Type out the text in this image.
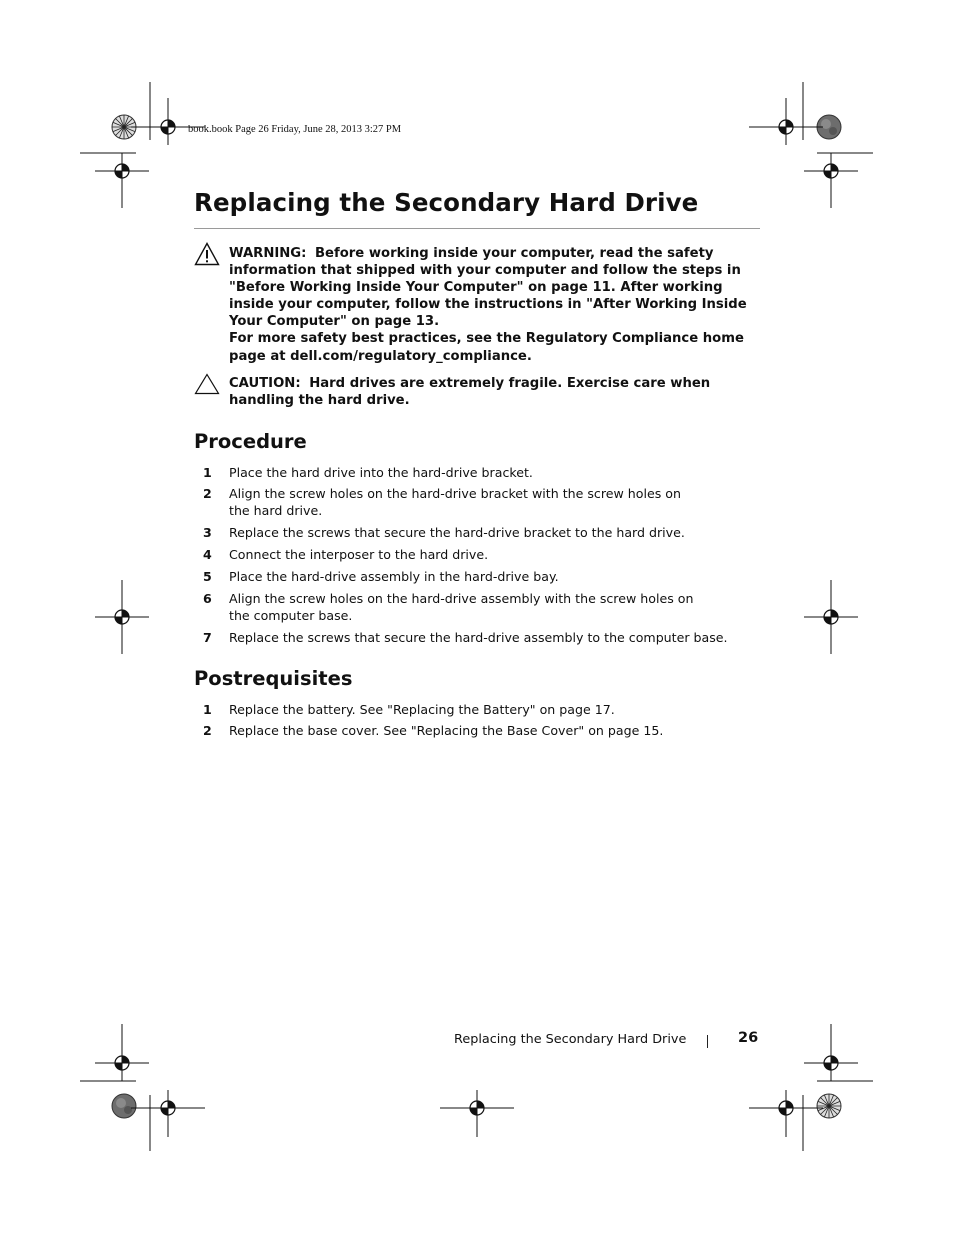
book.book Page 26 Friday, June 28, 2013 3:27 PM
Replacing the Secondary Hard Drive

WARNING: Before working inside your computer, read the safety information that shipped with your computer and follow the steps in "Before Working Inside Your Computer" on page 11. After working inside your computer, follow the instructions in "After Working Inside Your Computer" on page 13.

For more safety best practices, see the Regulatory Compliance home page at dell.com/regulatory_compliance.

CAUTION: Hard drives are extremely fragile. Exercise care when handling the hard drive.

Procedure
1 Place the hard drive into the hard-drive bracket.
2 Align the screw holes on the hard-drive bracket with the screw holes on the hard drive.
3 Replace the screws that secure the hard-drive bracket to the hard drive.
4 Connect the interposer to the hard drive.
5 Place the hard-drive assembly in the hard-drive bay.
6 Align the screw holes on the hard-drive assembly with the screw holes on the computer base.
7 Replace the screws that secure the hard-drive assembly to the computer base.
Postrequisites
1 Replace the battery. See "Replacing the Battery" on page 17.
2 Replace the base cover. See "Replacing the Base Cover" on page 15.
Replacing the Secondary Hard Drive	26
